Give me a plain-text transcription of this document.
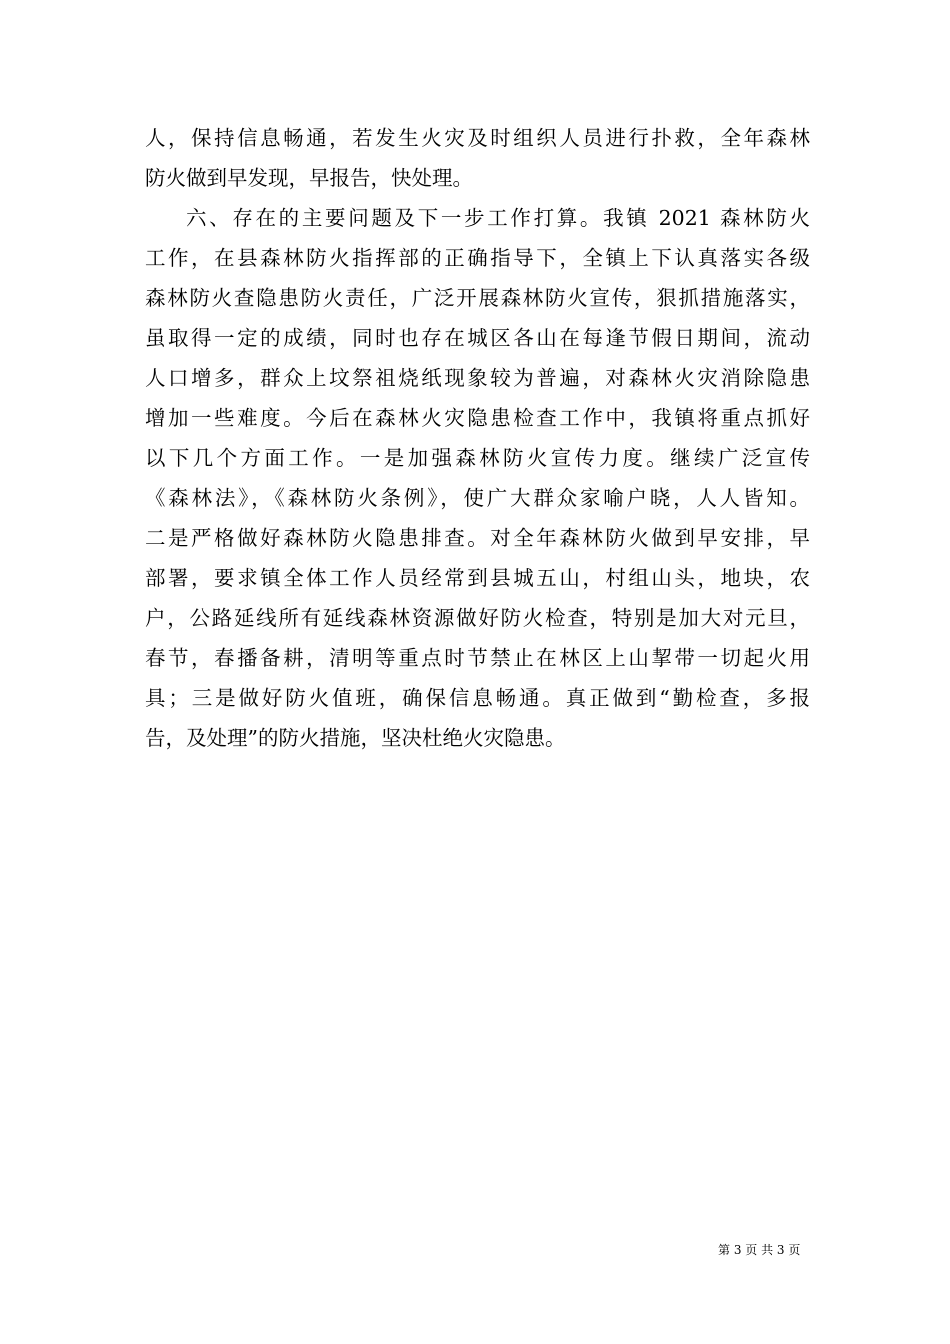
人，保持信息畅通，若发生火灾及时组织人员进行扑救，全年森林
防火做到早发现，早报告，快处理。
六、存在的主要问题及下一步工作打算。我镇 2021 森林防火
工作，在县森林防火指挥部的正确指导下，全镇上下认真落实各级
森林防火查隐患防火责任，广泛开展森林防火宣传，狠抓措施落实，
虽取得一定的成绩，同时也存在城区各山在每逢节假日期间，流动
人口增多，群众上坟祭祖烧纸现象较为普遍，对森林火灾消除隐患
增加一些难度。今后在森林火灾隐患检查工作中，我镇将重点抓好
以下几个方面工作。一是加强森林防火宣传力度。继续广泛宣传
《森林法》，《森林防火条例》，使广大群众家喻户晓，人人皆知。
二是严格做好森林防火隐患排查。对全年森林防火做到早安排，早
部署，要求镇全体工作人员经常到县城五山，村组山头，地块，农
户，公路延线所有延线森林资源做好防火检查，特别是加大对元旦，
春节，春播备耕，清明等重点时节禁止在林区上山挈带一切起火用
具；三是做好防火值班，确保信息畅通。真正做到“勤检查，多报
告，及处理”的防火措施，坚决杜绝火灾隐患。
第 3 页 共 3 页
